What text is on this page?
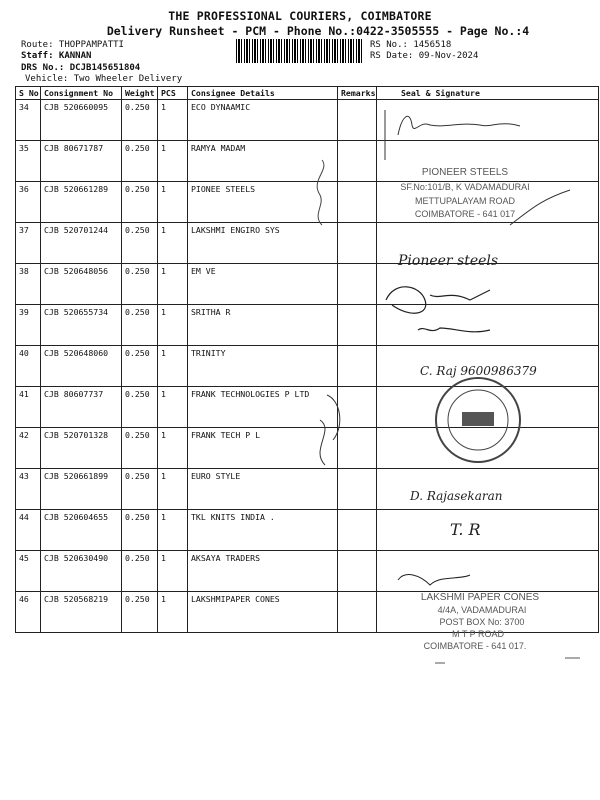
THE PROFESSIONAL COURIERS, COIMBATORE
Delivery Runsheet - PCM - Phone No.:0422-3505555 - Page No.:4
Route: THOPPAMPATTI
Staff: KANNAN
DRS No.: DCJB145651804
Vehicle: Two Wheeler Delivery
RS No.: 1456518
RS Date: 09-Nov-2024
S No	Consignment No	Weight	PCS	Consignee Details	Remarks	Seal & Signature
34	CJB 520660095	0.250	1	ECO DYNAAMIC		
35	CJB 80671787	0.250	1	RAMYA MADAM		
36	CJB 520661289	0.250	1	PIONEE STEELS		
37	CJB 520701244	0.250	1	LAKSHMI ENGIRO SYS		
38	CJB 520648056	0.250	1	EM VE		
39	CJB 520655734	0.250	1	SRITHA R		
40	CJB 520648060	0.250	1	TRINITY		
41	CJB 80607737	0.250	1	FRANK TECHNOLOGIES P LTD		
42	CJB 520701328	0.250	1	FRANK TECH P L		
43	CJB 520661899	0.250	1	EURO STYLE		
44	CJB 520604655	0.250	1	TKL KNITS INDIA .		
45	CJB 520630490	0.250	1	AKSAYA TRADERS		
46	CJB 520568219	0.250	1	LAKSHMIPAPER CONES		
PIONEER STEELS
SF.No:101/B, K VADAMADURAI
METTUPALAYAM ROAD
COIMBATORE - 641 017
Pioneer steels
C. Raj 9600986379
D. Rajasekaran
T. R
LAKSHMI PAPER CONES
4/4A, VADAMADURAI
POST BOX No: 3700
M T P ROAD
COIMBATORE - 641 017.
